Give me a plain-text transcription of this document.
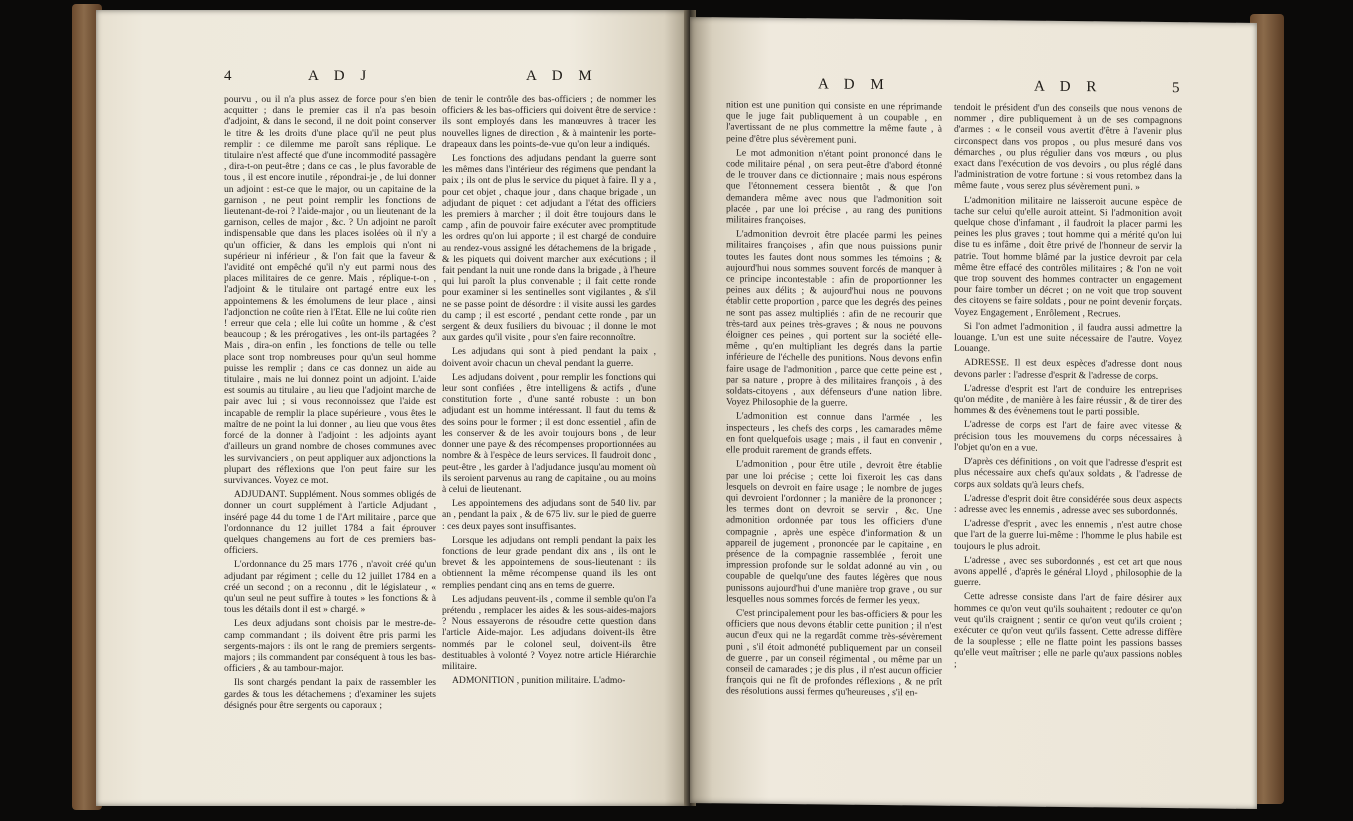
4	A D J	A D M

pourvu , ou il n'a plus assez de force pour s'en bien acquitter ; dans le premier cas il n'a pas besoin d'adjoint, & dans le second, il ne doit point conserver le titre & les droits d'une place qu'il ne peut plus remplir : ce dilemme me paroît sans réplique. Le titulaire n'est affecté que d'une incommodité passagère , dira-t-on peut-être ; dans ce cas , le plus favorable de tous , il est encore inutile , répondrai-je , de lui donner un adjoint : est-ce que le major, ou un capitaine de la garnison , ne peut point remplir les fonctions de lieutenant-de-roi ? l'aide-major , ou un lieutenant de la garnison, celles de major , &c. ? Un adjoint ne paroît indispensable que dans les places isolées où il n'y a qu'un officier, & dans les emplois qui n'ont ni supérieur ni inférieur , & l'on fait que la faveur & l'avidité ont empêché qu'il n'y eut parmi nous des places militaires de ce genre. Mais , réplique-t-on , l'adjoint & le titulaire ont partagé entre eux les appointemens & les émolumens de leur place , ainsi l'adjonction ne coûte rien à l'Etat. Elle ne lui coûte rien ! erreur que cela ; elle lui coûte un homme , & c'est beaucoup ; & les prérogatives , les ont-ils partagées ? Mais , dira-on enfin , les fonctions de telle ou telle place sont trop nombreuses pour qu'un seul homme puisse les remplir ; dans ce cas donnez un aide au titulaire , mais ne lui donnez point un adjoint. L'aide est soumis au titulaire , au lieu que l'adjoint marche de pair avec lui ; si vous reconnoissez que l'aide est incapable de remplir la place supérieure , vous êtes le maître de ne point la lui donner , au lieu que vous êtes forcé de la donner à l'adjoint : les adjoints ayant d'ailleurs un grand nombre de choses communes avec les survivanciers , on peut appliquer aux adjonctions la plupart des réflexions que l'on peut faire sur les survivances. Voyez ce mot.

ADJUDANT. Supplément. Nous sommes obligés de donner un court supplément à l'article Adjudant , inséré page 44 du tome 1 de l'Art militaire , parce que l'ordonnance du 12 juillet 1784 a fait éprouver quelques changemens au fort de ces premiers bas-officiers.

L'ordonnance du 25 mars 1776 , n'avoit créé qu'un adjudant par régiment ; celle du 12 juillet 1784 en a créé un second ; on a reconnu , dit le législateur , « qu'un seul ne peut suffire à toutes » les fonctions & à tous les détails dont il est » chargé. »

Les deux adjudans sont choisis par le mestre-de-camp commandant ; ils doivent être pris parmi les sergents-majors : ils ont le rang de premiers sergents-majors ; ils commandent par conséquent à tous les bas-officiers , & au tambour-major.

Ils sont chargés pendant la paix de rassembler les gardes & tous les détachemens ; d'examiner les sujets désignés pour être sergents ou caporaux ;

de tenir le contrôle des bas-officiers ; de nommer les officiers & les bas-officiers qui doivent être de service : ils sont employés dans les manœuvres à tracer les nouvelles lignes de direction , & à maintenir les porte-drapeaux dans les points-de-vue qu'on leur a indiqués.

Les fonctions des adjudans pendant la guerre sont les mêmes dans l'intérieur des régimens que pendant la paix ; ils ont de plus le service du piquet à faire. Il y a , pour cet objet , chaque jour , dans chaque brigade , un adjudant de piquet : cet adjudant a l'état des officiers les premiers à marcher ; il doit être toujours dans le camp , afin de pouvoir faire exécuter avec promptitude les ordres qu'on lui apporte ; il est chargé de conduire au rendez-vous assigné les détachemens de la brigade , & les piquets qui doivent marcher aux exécutions ; il fait pendant la nuit une ronde dans la brigade , à l'heure qui lui paroît la plus convenable ; il fait cette ronde pour examiner si les sentinelles sont vigilantes , & s'il ne se passe point de désordre : il visite aussi les gardes du camp ; il est escorté , pendant cette ronde , par un sergent & deux fusiliers du bivouac ; il donne le mot aux gardes qu'il visite , pour s'en faire reconnoître.

Les adjudans qui sont à pied pendant la paix , doivent avoir chacun un cheval pendant la guerre.

Les adjudans doivent , pour remplir les fonctions qui leur sont confiées , être intelligens & actifs , d'une constitution forte , d'une santé robuste : un bon adjudant est un homme intéressant. Il faut du tems & des soins pour le former ; il est donc essentiel , afin de les conserver & de les avoir toujours bons , de leur donner une paye & des récompenses proportionnées au nombre & à l'espèce de leurs services. Il faudroit donc , peut-être , les garder à l'adjudance jusqu'au moment où ils seroient parvenus au rang de capitaine , ou au moins à celui de lieutenant.

Les appointemens des adjudans sont de 540 liv. par an , pendant la paix , & de 675 liv. sur le pied de guerre : ces deux payes sont insuffisantes.

Lorsque les adjudans ont rempli pendant la paix les fonctions de leur grade pendant dix ans , ils ont le brevet & les appointemens de sous-lieutenant : ils obtiennent la même récompense quand ils les ont remplies pendant cinq ans en tems de guerre.

Les adjudans peuvent-ils , comme il semble qu'on l'a prétendu , remplacer les aides & les sous-aides-majors ? Nous essayerons de résoudre cette question dans l'article Aide-major. Les adjudans doivent-ils être nommés par le colonel seul, doivent-ils être destituables à volonté ? Voyez notre article Hiérarchie militaire.

ADMONITION , punition militaire. L'admo-

A D M	A D R	5

nition est une punition qui consiste en une réprimande que le juge fait publiquement à un coupable , en l'avertissant de ne plus commettre la même faute , à peine d'être plus sévèrement puni.

Le mot admonition n'étant point prononcé dans le code militaire pénal , on sera peut-être d'abord étonné de le trouver dans ce dictionnaire ; mais nous espérons que l'étonnement cessera bientôt , & que l'on demandera même avec nous que l'admonition soit placée , par une loi précise , au rang des punitions militaires françoises.

L'admonition devroit être placée parmi les peines militaires françoises , afin que nous puissions punir toutes les fautes dont nous sommes les témoins ; & aujourd'hui nous sommes souvent forcés de manquer à ce principe incontestable : afin de proportionner les peines aux délits ; & aujourd'hui nous ne pouvons établir cette proportion , parce que les degrés des peines ne sont pas assez multipliés : afin de ne recourir que très-tard aux peines très-graves ; & nous ne pouvons éloigner ces peines , qui portent sur la société elle-même , qu'en multipliant les degrés dans la partie inférieure de l'échelle des punitions. Nous devons enfin faire usage de l'admonition , parce que cette peine est , par sa nature , propre à des militaires françois , à des soldats-citoyens , aux défenseurs d'une nation libre. Voyez Philosophie de la guerre.

L'admonition est connue dans l'armée , les inspecteurs , les chefs des corps , les camarades même en font quelquefois usage ; mais , il faut en convenir , elle produit rarement de grands effets.

L'admonition , pour être utile , devroit être établie par une loi précise ; cette loi fixeroit les cas dans lesquels on devroit en faire usage ; le nombre de juges qui devroient l'ordonner ; la manière de la prononcer ; les termes dont on devroit se servir , &c. Une admonition ordonnée par tous les officiers d'une compagnie , après une espèce d'information & un appareil de jugement , prononcée par le capitaine , en présence de la compagnie rassemblée , feroit une impression profonde sur le soldat adonné au vin , ou coupable de quelqu'une des fautes légères que nous punissons aujourd'hui d'une manière trop grave , ou sur lesquelles nous sommes forcés de fermer les yeux.

C'est principalement pour les bas-officiers & pour les officiers que nous devons établir cette punition ; il n'est aucun d'eux qui ne la regardât comme très-sévèrement puni , s'il étoit admonété publiquement par un conseil de guerre , par un conseil régimental , ou même par un conseil de camarades ; je dis plus , il n'est aucun officier françois qui ne fît de profondes réflexions , & ne prît des résolutions aussi fermes qu'heureuses , s'il en-

tendoit le président d'un des conseils que nous venons de nommer , dire publiquement à un de ses compagnons d'armes : « le conseil vous avertit d'être à l'avenir plus circonspect dans vos propos , ou plus mesuré dans vos démarches , ou plus régulier dans vos mœurs , ou plus exact dans l'exécution de vos devoirs , ou plus réglé dans l'administration de votre fortune : si vous retombez dans la même faute , vous serez plus sévèrement puni. »

L'admonition militaire ne laisseroit aucune espèce de tache sur celui qu'elle auroit atteint. Si l'admonition avoit quelque chose d'infamant , il faudroit la placer parmi les peines les plus graves ; tout homme qui a mérité qu'on lui dise tu es infâme , doit être privé de l'honneur de servir la patrie. Tout homme blâmé par la justice devroit par cela même être effacé des contrôles militaires ; & l'on ne voit que trop souvent des hommes contracter un engagement pour faire tomber un décret ; on ne voit que trop souvent des citoyens se faire soldats , pour ne point devenir forçats. Voyez Engagement , Enrôlement , Recrues.

Si l'on admet l'admonition , il faudra aussi admettre la louange. L'un est une suite nécessaire de l'autre. Voyez Louange.

ADRESSE. Il est deux espèces d'adresse dont nous devons parler : l'adresse d'esprit & l'adresse de corps.

L'adresse d'esprit est l'art de conduire les entreprises qu'on médite , de manière à les faire réussir , & de tirer des hommes & des évènemens tout le parti possible.

L'adresse de corps est l'art de faire avec vitesse & précision tous les mouvemens du corps nécessaires à l'objet qu'on en a vue.

D'après ces définitions , on voit que l'adresse d'esprit est plus nécessaire aux chefs qu'aux soldats , & l'adresse de corps aux soldats qu'à leurs chefs.

L'adresse d'esprit doit être considérée sous deux aspects : adresse avec les ennemis , adresse avec ses subordonnés.

L'adresse d'esprit , avec les ennemis , n'est autre chose que l'art de la guerre lui-même : l'homme le plus habile est toujours le plus adroit.

L'adresse , avec ses subordonnés , est cet art que nous avons appellé , d'après le général Lloyd , philosophie de la guerre.

Cette adresse consiste dans l'art de faire désirer aux hommes ce qu'on veut qu'ils souhaitent ; redouter ce qu'on veut qu'ils craignent ; sentir ce qu'on veut qu'ils croient ; exécuter ce qu'on veut qu'ils fassent. Cette adresse diffère de la souplesse ; elle ne flatte point les passions basses qu'elle veut maîtriser ; elle ne parle qu'aux passions nobles ;
